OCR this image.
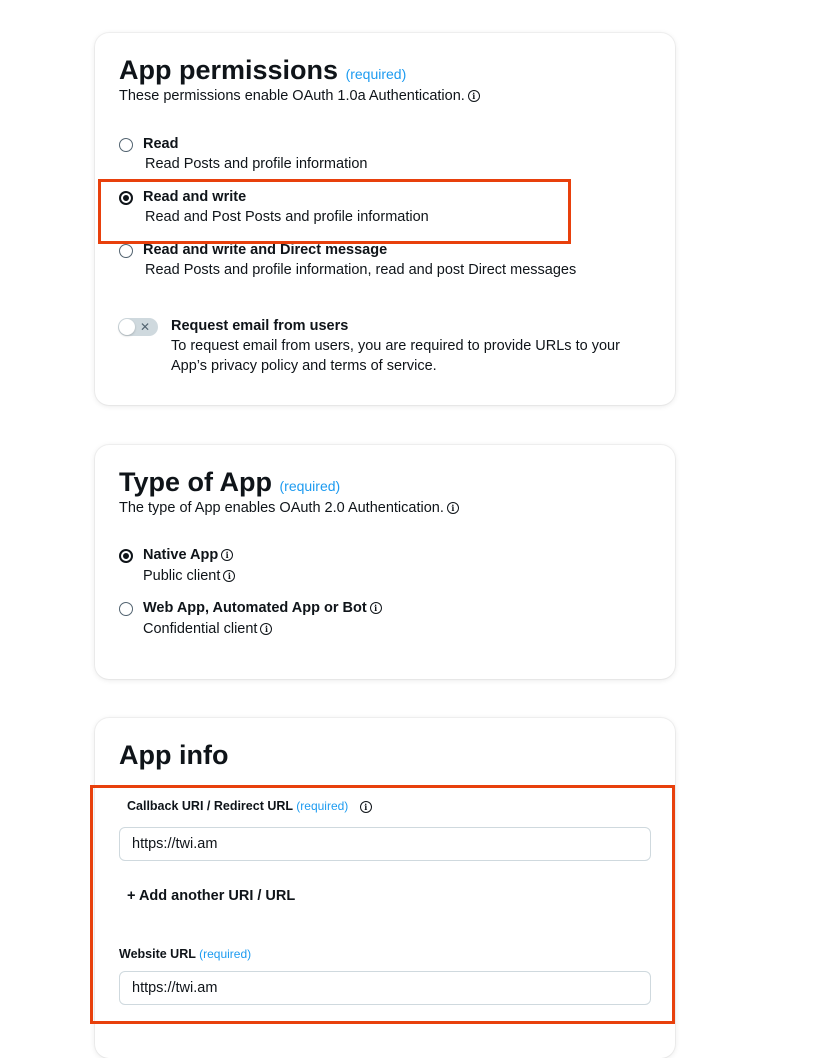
App permissions (required)
These permissions enable OAuth 1.0a Authentication. i
Read
Read Posts and profile information
Read and write
Read and Post Posts and profile information
Read and write and Direct message
Read Posts and profile information, read and post Direct messages
✕ Request email from users
To request email from users, you are required to provide URLs to your
App’s privacy policy and terms of service.
Type of App (required)
The type of App enables OAuth 2.0 Authentication. i
Native App i
Public client i
Web App, Automated App or Bot i
Confidential client i
App info
Callback URI / Redirect URL (required) i
https://twi.am
+ Add another URI / URL
Website URL (required)
https://twi.am
